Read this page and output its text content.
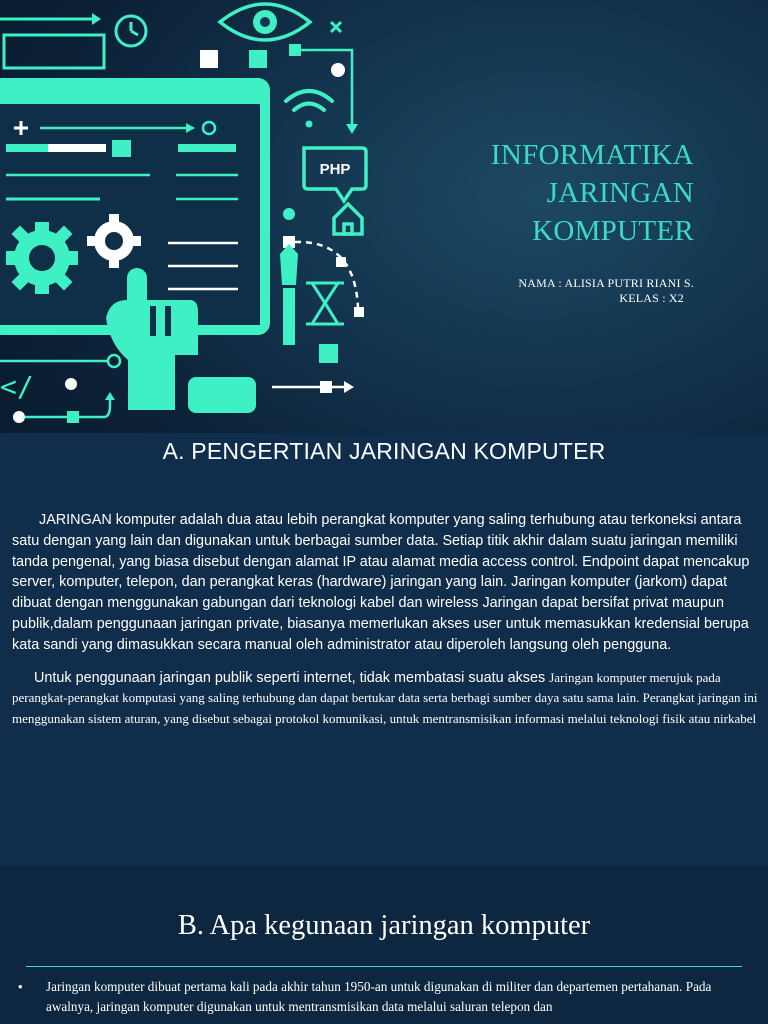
PHP
</
INFORMATIKA
JARINGAN
KOMPUTER
NAMA : ALISIA PUTRI RIANI S.
KELAS : X2
A. PENGERTIAN JARINGAN KOMPUTER

JARINGAN komputer adalah dua atau lebih perangkat komputer yang saling terhubung atau terkoneksi antara satu dengan yang lain dan digunakan untuk berbagai sumber data. Setiap titik akhir dalam suatu jaringan memiliki tanda pengenal, yang biasa disebut dengan alamat IP atau alamat media access control. Endpoint dapat mencakup server, komputer, telepon, dan perangkat keras (hardware) jaringan yang lain. Jaringan komputer (jarkom) dapat dibuat dengan menggunakan gabungan dari teknologi kabel dan wireless Jaringan dapat bersifat privat maupun publik,dalam penggunaan jaringan private, biasanya memerlukan akses user untuk memasukkan kredensial berupa kata sandi yang dimasukkan secara manual oleh administrator atau diperoleh langsung oleh pengguna.

Untuk penggunaan jaringan publik seperti internet, tidak membatasi suatu akses Jaringan komputer merujuk pada perangkat-perangkat komputasi yang saling terhubung dan dapat bertukar data serta berbagi sumber daya satu sama lain. Perangkat jaringan ini menggunakan sistem aturan, yang disebut sebagai protokol komunikasi, untuk mentransmisikan informasi melalui teknologi fisik atau nirkabel

B. Apa kegunaan jaringan komputer
• Jaringan komputer dibuat pertama kali pada akhir tahun 1950-an untuk digunakan di militer dan departemen pertahanan. Pada awalnya, jaringan komputer digunakan untuk mentransmisikan data melalui saluran telepon dan
